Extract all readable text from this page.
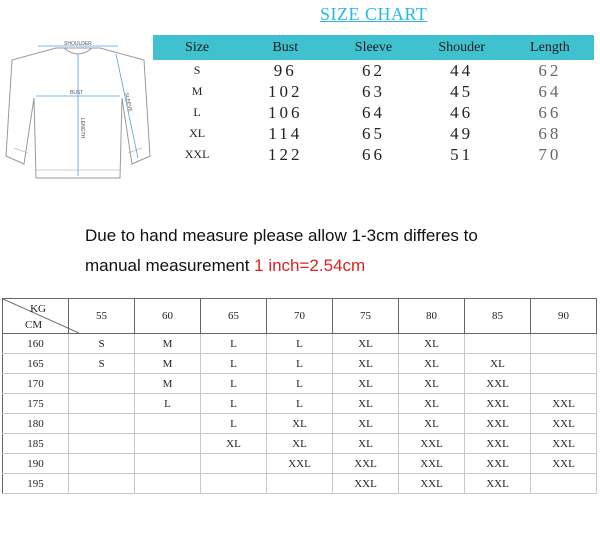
SIZE CHART
SHOULDER
BUST
LENGTH
SLEEVE
Size	Bust	Sleeve	Shouder	Length
S	96	62	44	62
M	102	63	45	64
L	106	64	46	66
XL	114	65	49	68
XXL	122	66	51	70
Due to hand measure please allow 1-3cm differes to
manual measurement 1 inch=2.54cm
KG
CM	55	60	65	70	75	80	85	90
160	S	M	L	L	XL	XL		
165	S	M	L	L	XL	XL	XL	
170		M	L	L	XL	XL	XXL	
175		L	L	L	XL	XL	XXL	XXL
180			L	XL	XL	XL	XXL	XXL
185			XL	XL	XL	XXL	XXL	XXL
190				XXL	XXL	XXL	XXL	XXL
195					XXL	XXL	XXL	
